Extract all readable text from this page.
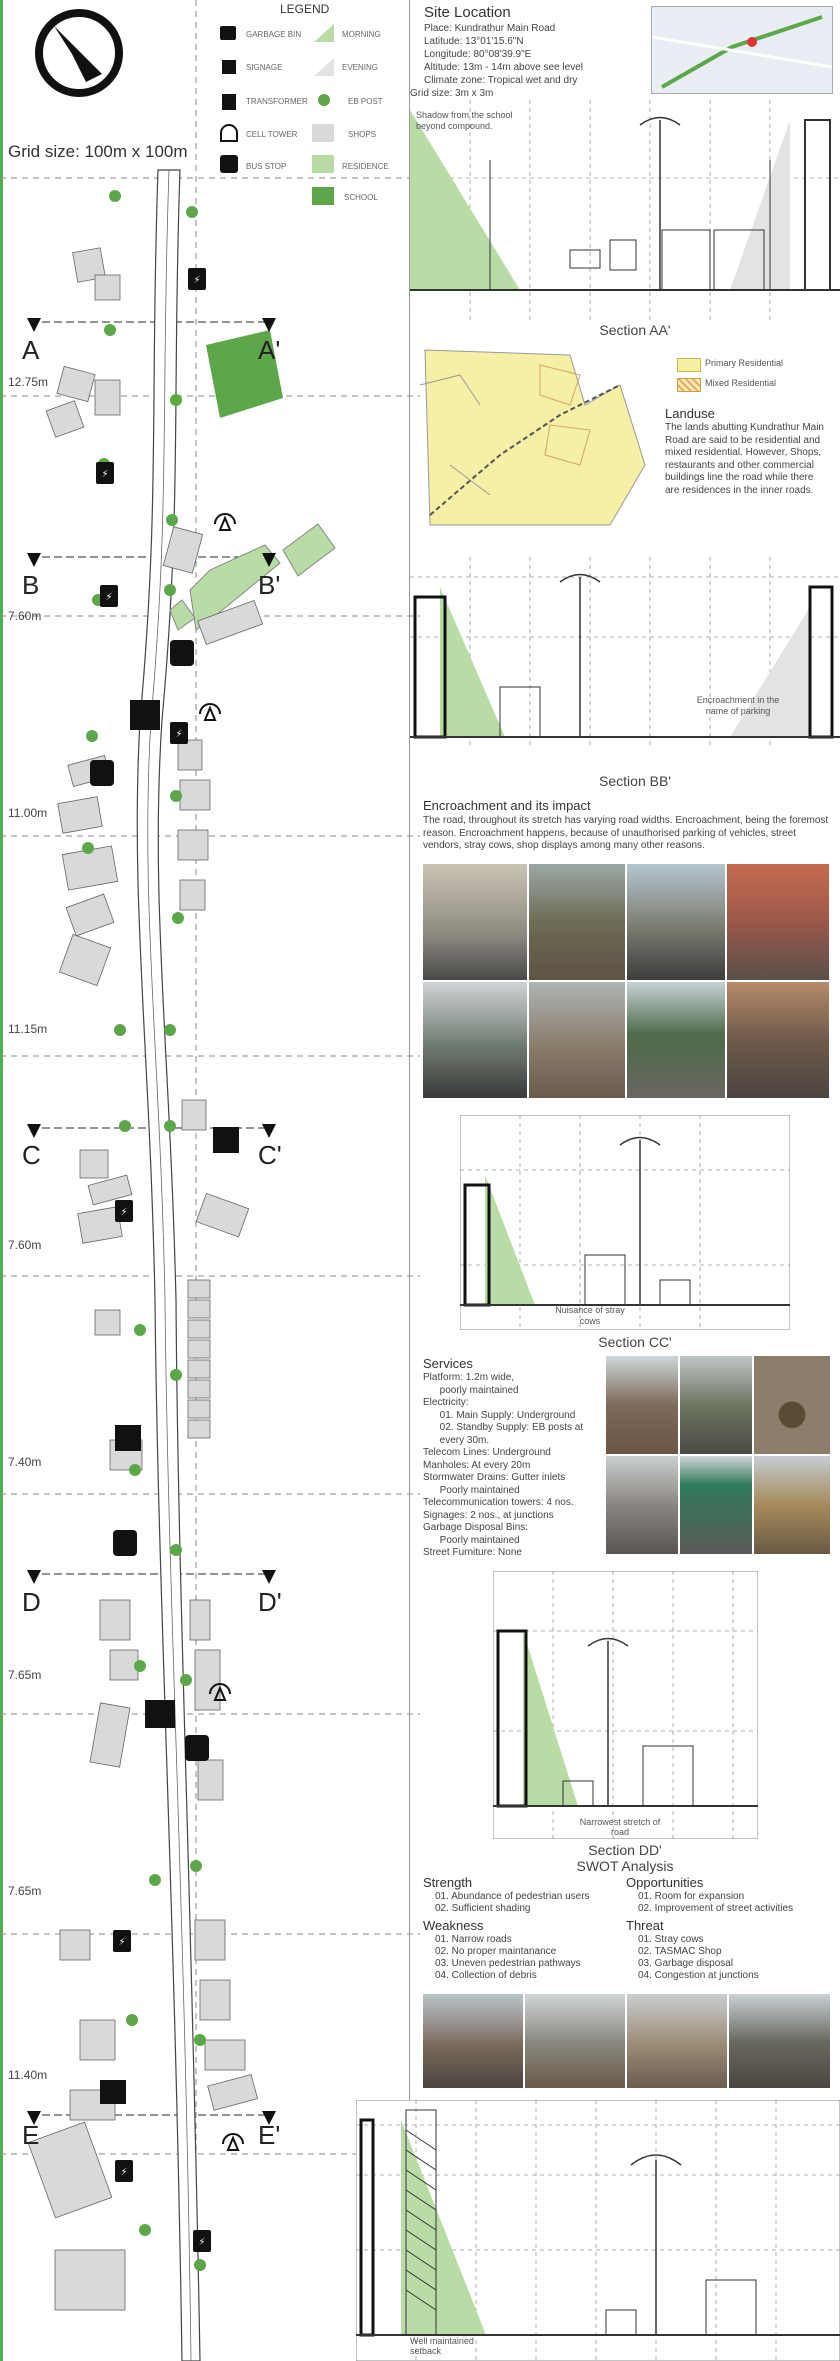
⚡
⚡
⚡
⚡
⚡
⚡
⚡
⚡
Grid size: 100m x 100m
LEGEND
GARBAGE BIN
SIGNAGE
TRANSFORMER
CELL TOWER
BUS STOP
MORNING
EVENING
EB POST
SHOPS
RESIDENCE
SCHOOL
A	A'
12.75m
B	B'
7.60m
11.00m
11.15m
C	C'
7.60m
7.40m
D	D'
7.65m
7.65m
E	E'
11.40m
Site Location
Place: Kundrathur Main Road
Latitude: 13°01'15.6"N
Longitude: 80°08'39.9"E
Altitude: 13m - 14m above see level
Climate zone: Tropical wet and dry
Grid size: 3m x 3m
Shadow from the school beyond compound.
Section AA'
Primary Residential
Mixed Residential
Landuse
The lands abutting Kundrathur Main Road are said to be residential and mixed residential. However, Shops, restaurants and other commercial buildings line the road while there are residences in the inner roads.
Encroachment in the name of parking
Section BB'
Encroachment and its impact
The road, throughout its stretch has varying road widths. Encroachment, being the foremost reason. Encroachment happens, because of unauthorised parking of vehicles, street vendors, stray cows, shop displays among many other reasons.
Nuisance of stray cows
Section CC'
Services
Platform: 1.2m wide,
poorly maintained
Electricity:
01. Main Supply: Underground
02. Standby Supply: EB posts at
every 30m.
Telecom Lines: Underground
Manholes: At every 20m
Stormwater Drains: Gutter inlets
Poorly maintained
Telecommunication towers: 4 nos.
Signages: 2 nos., at junctions
Garbage Disposal Bins:
Poorly maintained
Street Furniture: None
Narrowest stretch of road
Section DD'
SWOT Analysis
Strength
01. Abundance of pedestrian users
02. Sufficient shading
Opportunities
01. Room for expansion
02. Improvement of street activities
Weakness
01. Narrow roads
02. No proper maintanance
03. Uneven pedestrian pathways
04. Collection of debris
Threat
01. Stray cows
02. TASMAC Shop
03. Garbage disposal
04. Congestion at junctions
Well maintained setback
